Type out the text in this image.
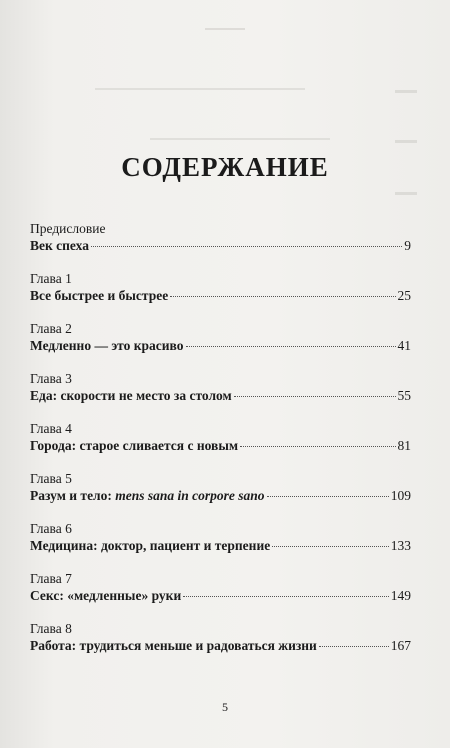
СОДЕРЖАНИЕ
Предисловие
Век спеха	9
Глава 1
Все быстрее и быстрее	25
Глава 2
Медленно — это красиво	41
Глава 3
Еда: скорости не место за столом	55
Глава 4
Города: старое сливается с новым	81
Глава 5
Разум и тело: mens sana in corpore sano	109
Глава 6
Медицина: доктор, пациент и терпение	133
Глава 7
Секс: «медленные» руки	149
Глава 8
Работа: трудиться меньше и радоваться жизни	167
5
